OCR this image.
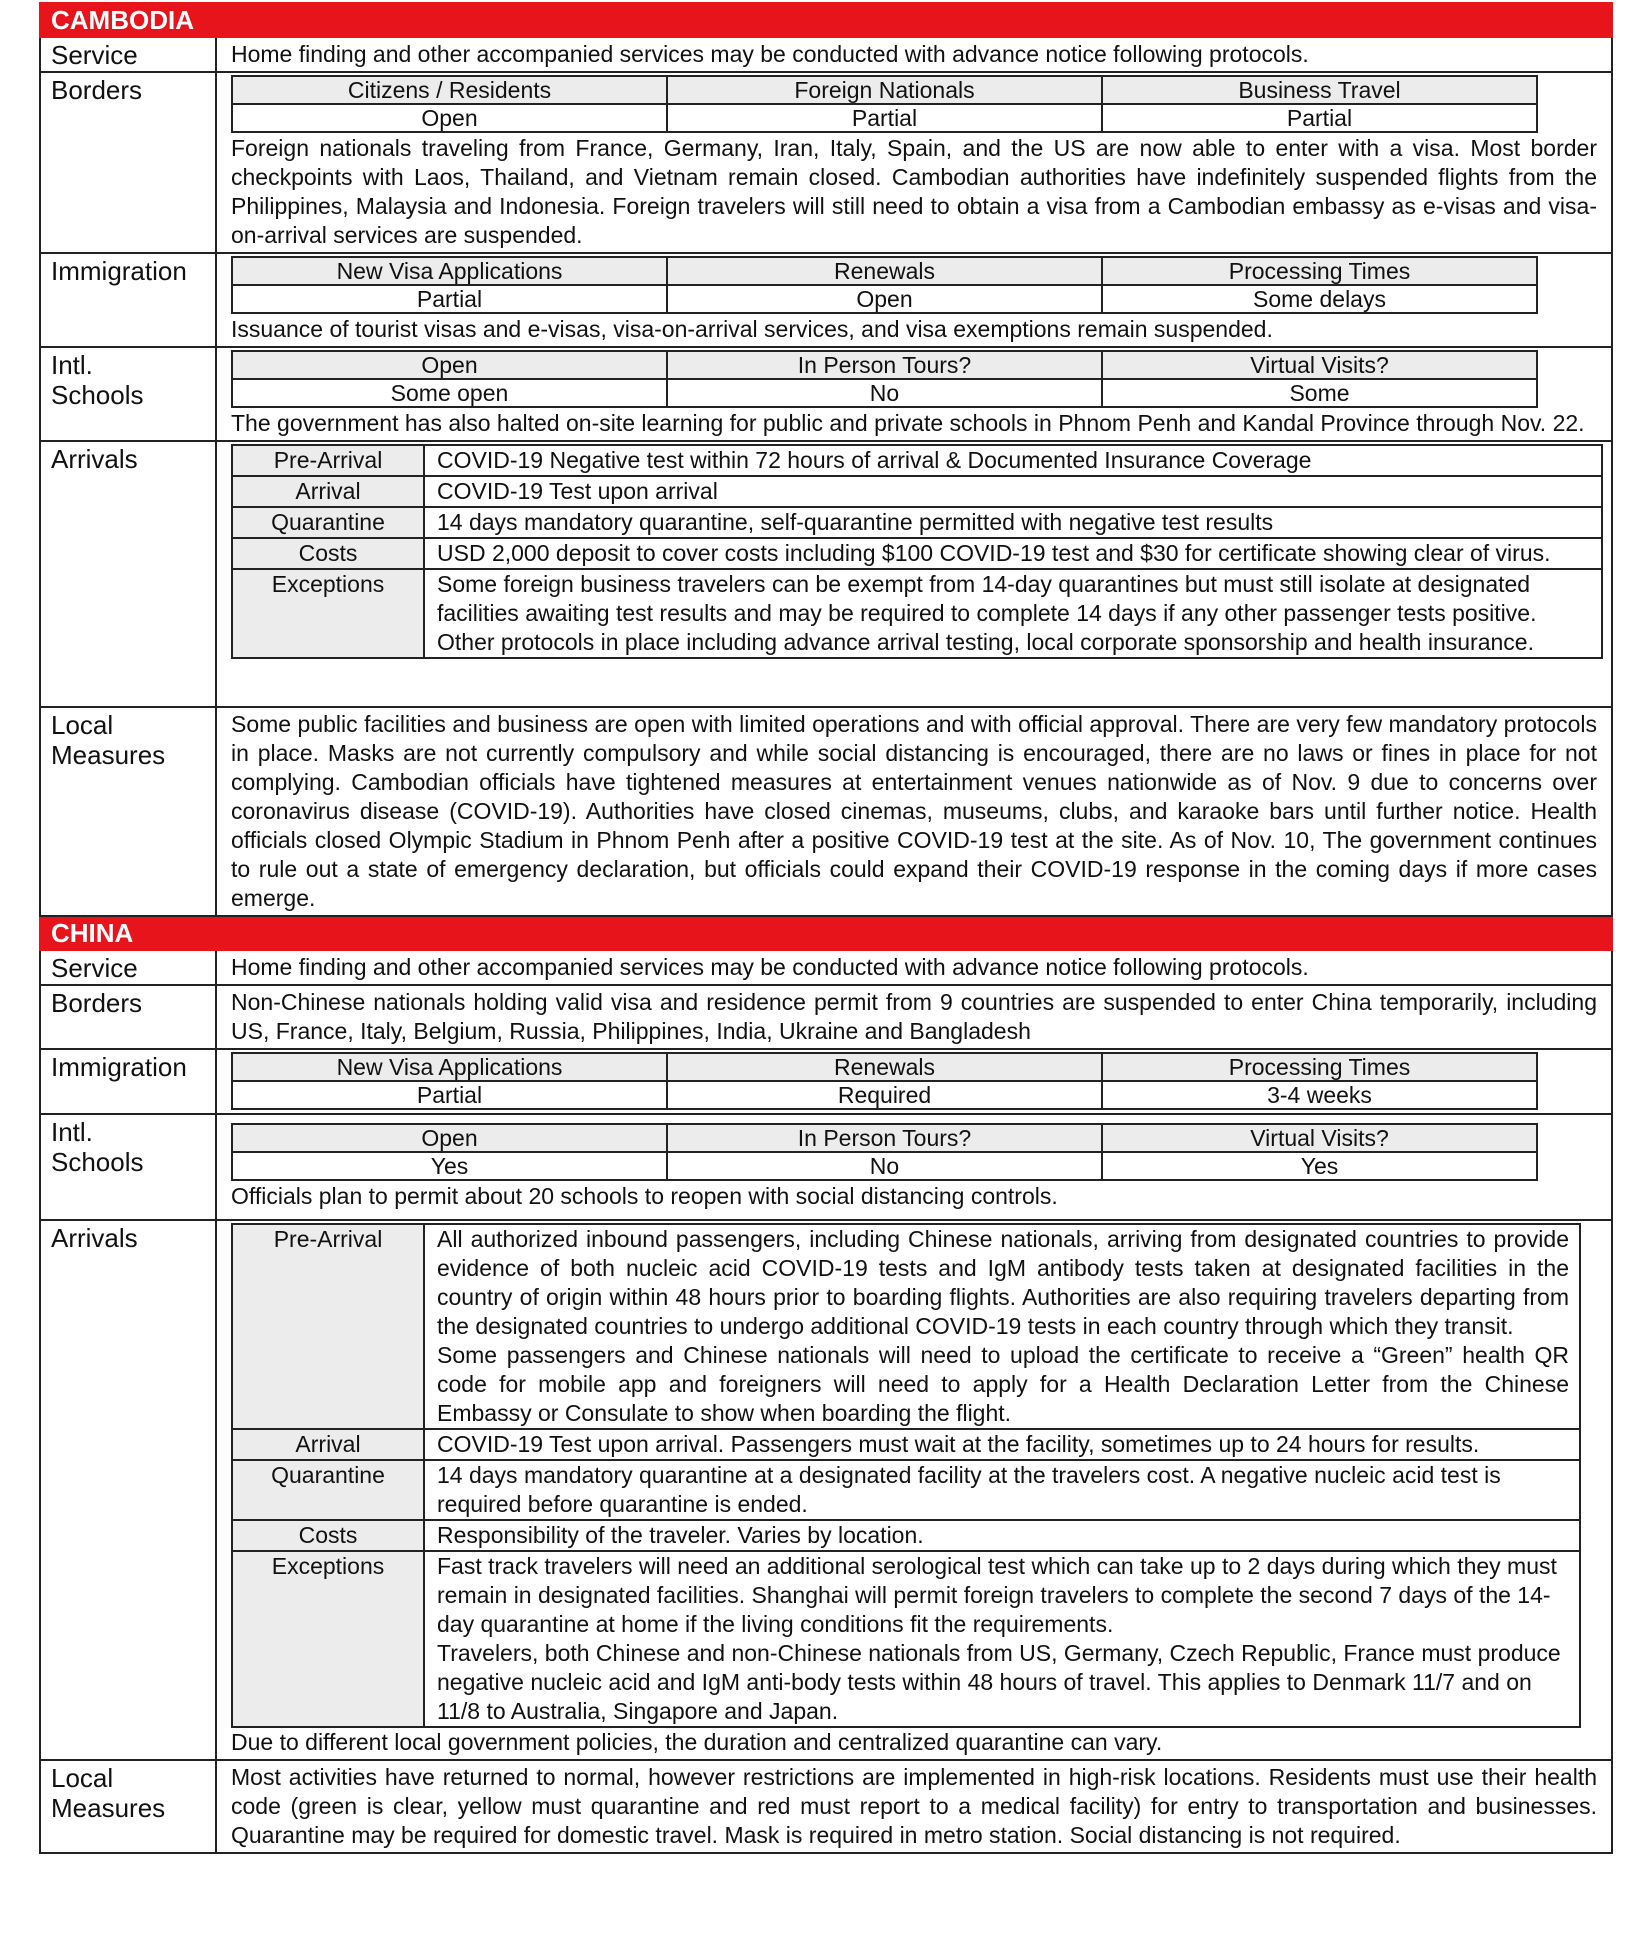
CAMBODIA
Service	Home finding and other accompanied services may be conducted with advance notice following protocols.
Borders		Citizens / Residents	Foreign Nationals	Business Travel
Open	Partial	Partial

Foreign nationals traveling from France, Germany, Iran, Italy, Spain, and the US are now able to enter with a visa. Most border checkpoints with Laos, Thailand, and Vietnam remain closed. Cambodian authorities have indefinitely suspended flights from the Philippines, Malaysia and Indonesia. Foreign travelers will still need to obtain a visa from a Cambodian embassy as e-visas and visa-on-arrival services are suspended.

Immigration		New Visa Applications	Renewals	Processing Times
Partial	Open	Some delays

Issuance of tourist visas and e-visas, visa-on-arrival services, and visa exemptions remain suspended.

Intl.
Schools

Open	In Person Tours?	Virtual Visits?
Some open	No	Some

The government has also halted on-site learning for public and private schools in Phnom Penh and Kandal Province through Nov. 22.

Arrivals		Pre-Arrival	COVID-19 Negative test within 72 hours of arrival & Documented Insurance Coverage
Arrival	COVID-19 Test upon arrival
Quarantine	14 days mandatory quarantine, self-quarantine permitted with negative test results
Costs	USD 2,000 deposit to cover costs including $100 COVID-19 test and $30 for certificate showing clear of virus.
Exceptions	Some foreign business travelers can be exempt from 14-day quarantines but must still isolate at designated facilities awaiting test results and may be required to complete 14 days if any other passenger tests positive. Other protocols in place including advance arrival testing, local corporate sponsorship and health insurance.

Local
Measures
	Some public facilities and business are open with limited operations and with official approval. There are very few mandatory protocols in place. Masks are not currently compulsory and while social distancing is encouraged, there are no laws or fines in place for not complying. Cambodian officials have tightened measures at entertainment venues nationwide as of Nov. 9 due to concerns over coronavirus disease (COVID-19). Authorities have closed cinemas, museums, clubs, and karaoke bars until further notice. Health officials closed Olympic Stadium in Phnom Penh after a positive COVID-19 test at the site. As of Nov. 10, The government continues to rule out a state of emergency declaration, but officials could expand their COVID-19 response in the coming days if more cases emerge.
CHINA
Service	Home finding and other accompanied services may be conducted with advance notice following protocols.
Borders	Non-Chinese nationals holding valid visa and residence permit from 9 countries are suspended to enter China temporarily, including US, France, Italy, Belgium, Russia, Philippines, India, Ukraine and Bangladesh
Immigration		New Visa Applications	Renewals	Processing Times
Partial	Required	3-4 weeks

Intl.
Schools

Open	In Person Tours?	Virtual Visits?
Yes	No	Yes

Officials plan to permit about 20 schools to reopen with social distancing controls.

Arrivals		Pre-Arrival	All authorized inbound passengers, including Chinese nationals, arriving from designated countries to provide evidence of both nucleic acid COVID-19 tests and IgM antibody tests taken at designated facilities in the country of origin within 48 hours prior to boarding flights. Authorities are also requiring travelers departing from the designated countries to undergo additional COVID-19 tests in each country through which they transit.
Some passengers and Chinese nationals will need to upload the certificate to receive a “Green” health QR code for mobile app and foreigners will need to apply for a Health Declaration Letter from the Chinese Embassy or Consulate to show when boarding the flight.

Arrival	COVID-19 Test upon arrival. Passengers must wait at the facility, sometimes up to 24 hours for results.
Quarantine	14 days mandatory quarantine at a designated facility at the travelers cost. A negative nucleic acid test is required before quarantine is ended.
Costs	Responsibility of the traveler. Varies by location.
Exceptions	Fast track travelers will need an additional serological test which can take up to 2 days during which they must remain in designated facilities. Shanghai will permit foreign travelers to complete the second 7 days of the 14-day quarantine at home if the living conditions fit the requirements.
Travelers, both Chinese and non-Chinese nationals from US, Germany, Czech Republic, France must produce negative nucleic acid and IgM anti-body tests within 48 hours of travel. This applies to Denmark 11/7 and on 11/8 to Australia, Singapore and Japan.

Due to different local government policies, the duration and centralized quarantine can vary.

Local
Measures
	Most activities have returned to normal, however restrictions are implemented in high-risk locations. Residents must use their health code (green is clear, yellow must quarantine and red must report to a medical facility) for entry to transportation and businesses. Quarantine may be required for domestic travel. Mask is required in metro station. Social distancing is not required.
